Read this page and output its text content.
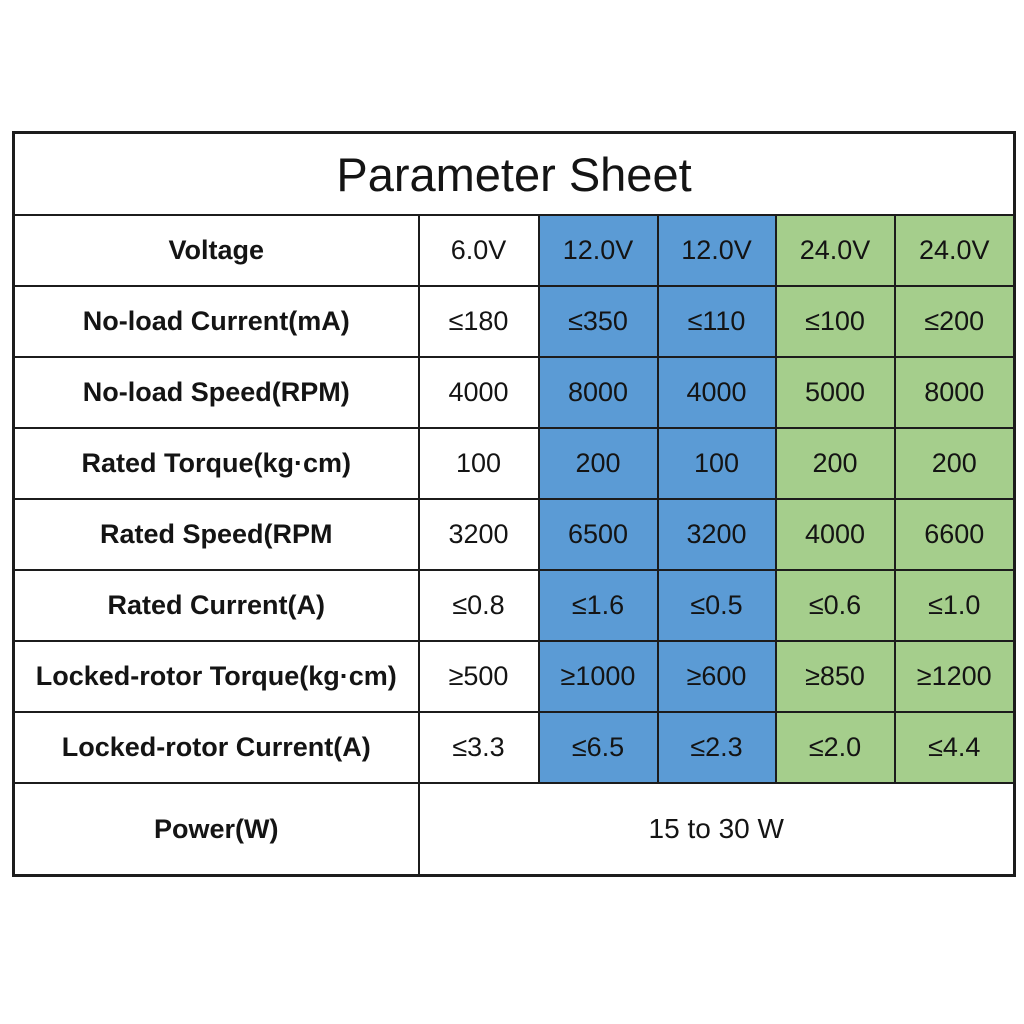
Parameter Sheet					
Voltage	6.0V	12.0V	12.0V	24.0V	24.0V
No-load Current(mA)	≤180	≤350	≤110	≤100	≤200
No-load Speed(RPM)	4000	8000	4000	5000	8000
Rated Torque(kg·cm)	100	200	100	200	200
Rated Speed(RPM	3200	6500	3200	4000	6600
Rated Current(A)	≤0.8	≤1.6	≤0.5	≤0.6	≤1.0
Locked-rotor Torque(kg·cm)	≥500	≥1000	≥600	≥850	≥1200
Locked-rotor Current(A)	≤3.3	≤6.5	≤2.3	≤2.0	≤4.4
Power(W)	15 to 30 W				
